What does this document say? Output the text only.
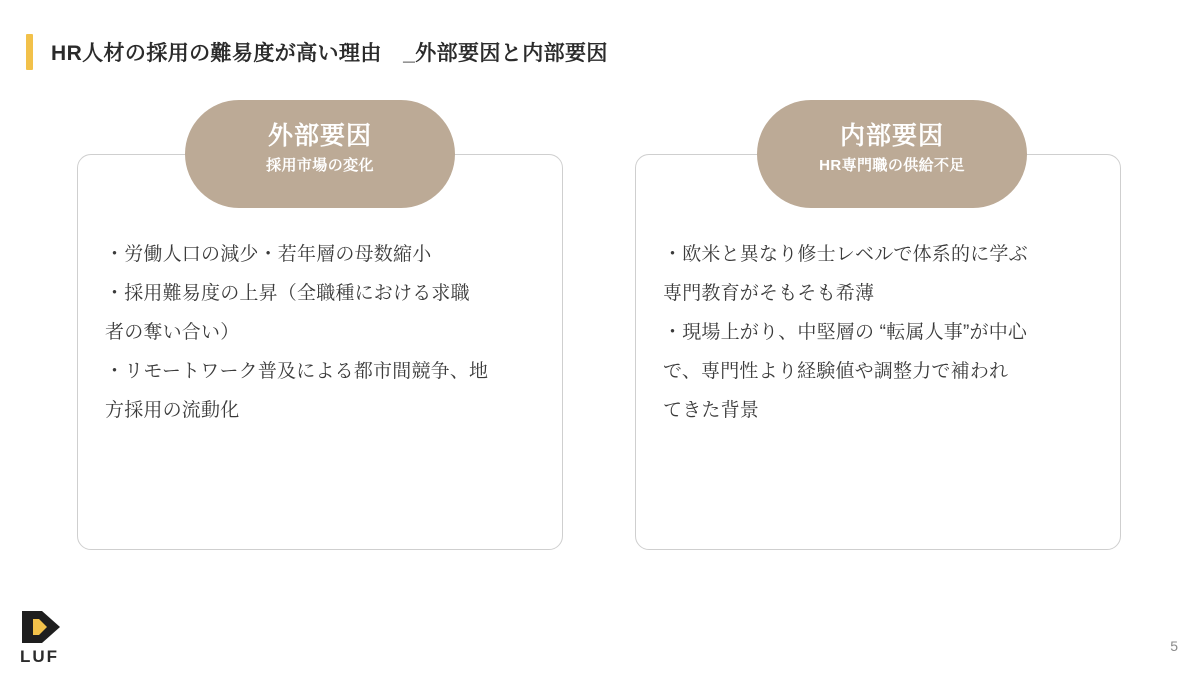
HR人材の採用の難易度が高い理由　_外部要因と内部要因
外部要因
採用市場の変化

・労働人口の減少・若年層の母数縮小

・採用難易度の上昇（全職種における求職

者の奪い合い）

・リモートワーク普及による都市間競争、地

方採用の流動化

内部要因
HR専門職の供給不足

・欧米と異なり修士レベルで体系的に学ぶ

専門教育がそもそも希薄

・現場上がり、中堅層の “転属人事”が中心

で、専門性より経験値や調整力で補われ

てきた背景

LUF
5
